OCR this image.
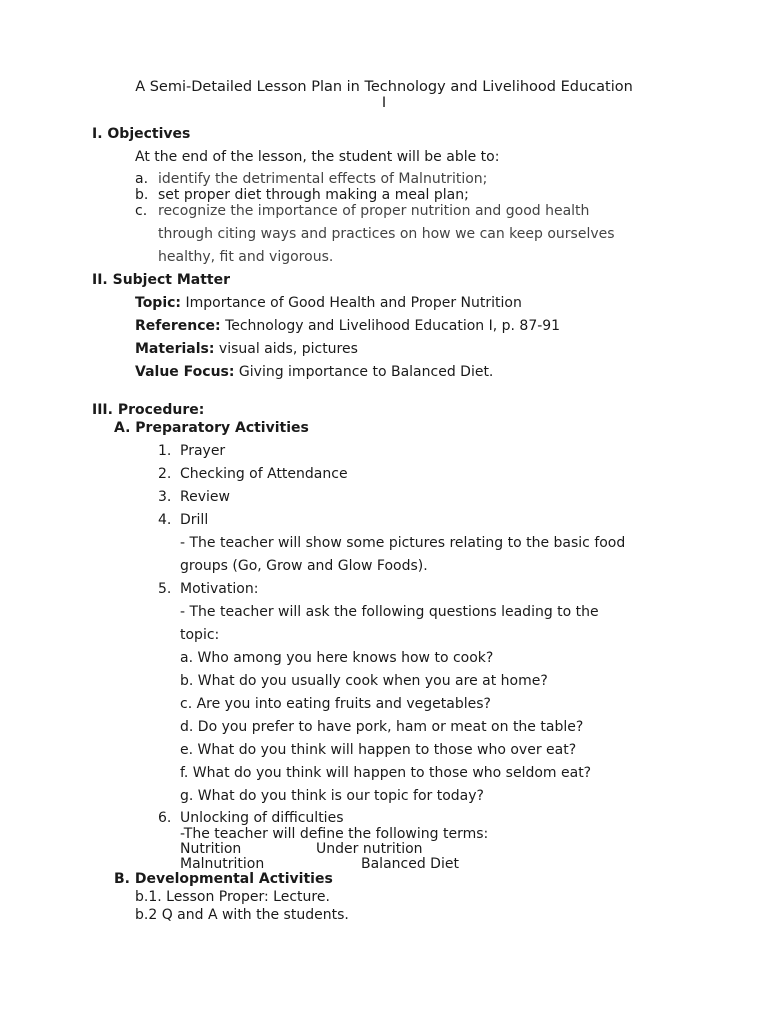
A Semi-Detailed Lesson Plan in Technology and Livelihood Education
I
I. Objectives
At the end of the lesson, the student will be able to:
a. identify the detrimental effects of Malnutrition;
b. set proper diet through making a meal plan;
c. recognize the importance of proper nutrition and good health
through citing ways and practices on how we can keep ourselves
healthy, fit and vigorous.
II. Subject Matter
Topic: Importance of Good Health and Proper Nutrition
Reference: Technology and Livelihood Education I, p. 87-91
Materials: visual aids, pictures
Value Focus: Giving importance to Balanced Diet.
III. Procedure:
A. Preparatory Activities
1. Prayer
2. Checking of Attendance
3. Review
4. Drill
- The teacher will show some pictures relating to the basic food
groups (Go, Grow and Glow Foods).
5. Motivation:
- The teacher will ask the following questions leading to the
topic:
a. Who among you here knows how to cook?
b. What do you usually cook when you are at home?
c. Are you into eating fruits and vegetables?
d. Do you prefer to have pork, ham or meat on the table?
e. What do you think will happen to those who over eat?
f. What do you think will happen to those who seldom eat?
g. What do you think is our topic for today?
6. Unlocking of difficulties
-The teacher will define the following terms:
Nutrition	Under nutrition
Malnutrition	Balanced Diet
B. Developmental Activities
b.1. Lesson Proper: Lecture.
b.2 Q and A with the students.
